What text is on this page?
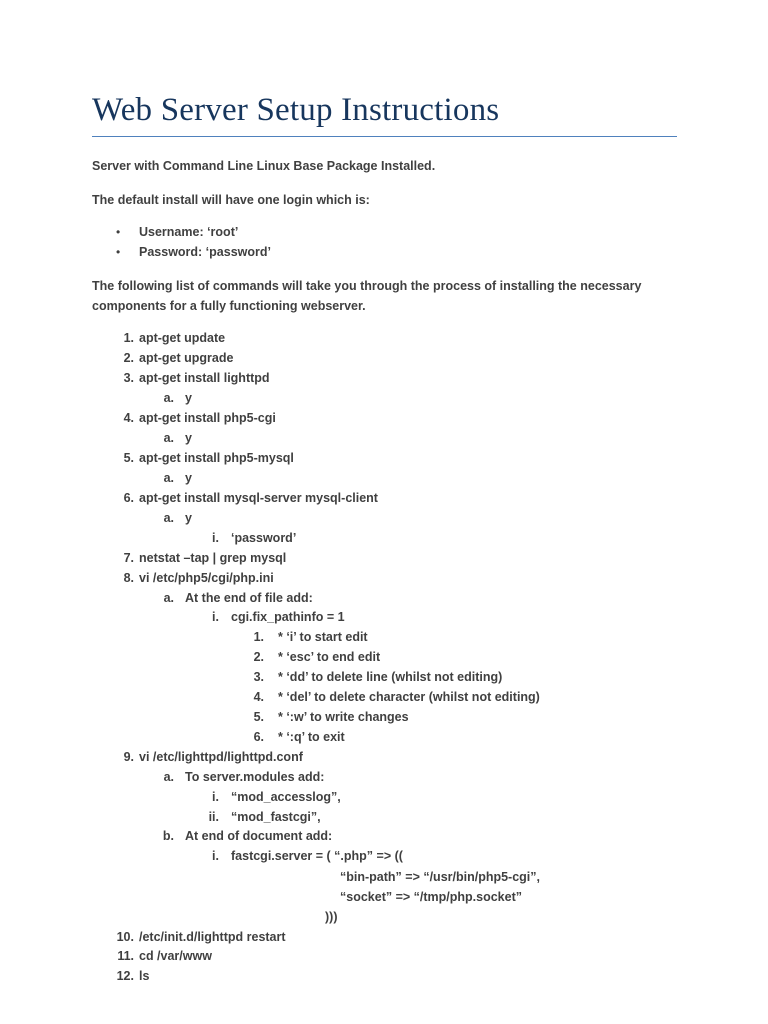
Web Server Setup Instructions
Server with Command Line Linux Base Package Installed.
The default install will have one login which is:
• Username: ‘root’
• Password: ‘password’
The following list of commands will take you through the process of installing the necessary
components for a fully functioning webserver.
1. apt-get update
2. apt-get upgrade
3. apt-get install lighttpd
a. y
4. apt-get install php5-cgi
a. y
5. apt-get install php5-mysql
a. y
6. apt-get install mysql-server mysql-client
a. y
i. ‘password’
7. netstat –tap | grep mysql
8. vi /etc/php5/cgi/php.ini
a. At the end of file add:
i. cgi.fix_pathinfo = 1
1. * ‘i’ to start edit
2. * ‘esc’ to end edit
3. * ‘dd’ to delete line (whilst not editing)
4. * ‘del’ to delete character (whilst not editing)
5. * ‘:w’ to write changes
6. * ‘:q’ to exit
9. vi /etc/lighttpd/lighttpd.conf
a. To server.modules add:
i. “mod_accesslog”,
ii. “mod_fastcgi”,
b. At end of document add:
i. fastcgi.server = ( “.php” => ((
“bin-path” => “/usr/bin/php5-cgi”,
“socket” => “/tmp/php.socket”
)))
10. /etc/init.d/lighttpd restart
11. cd /var/www
12. ls
